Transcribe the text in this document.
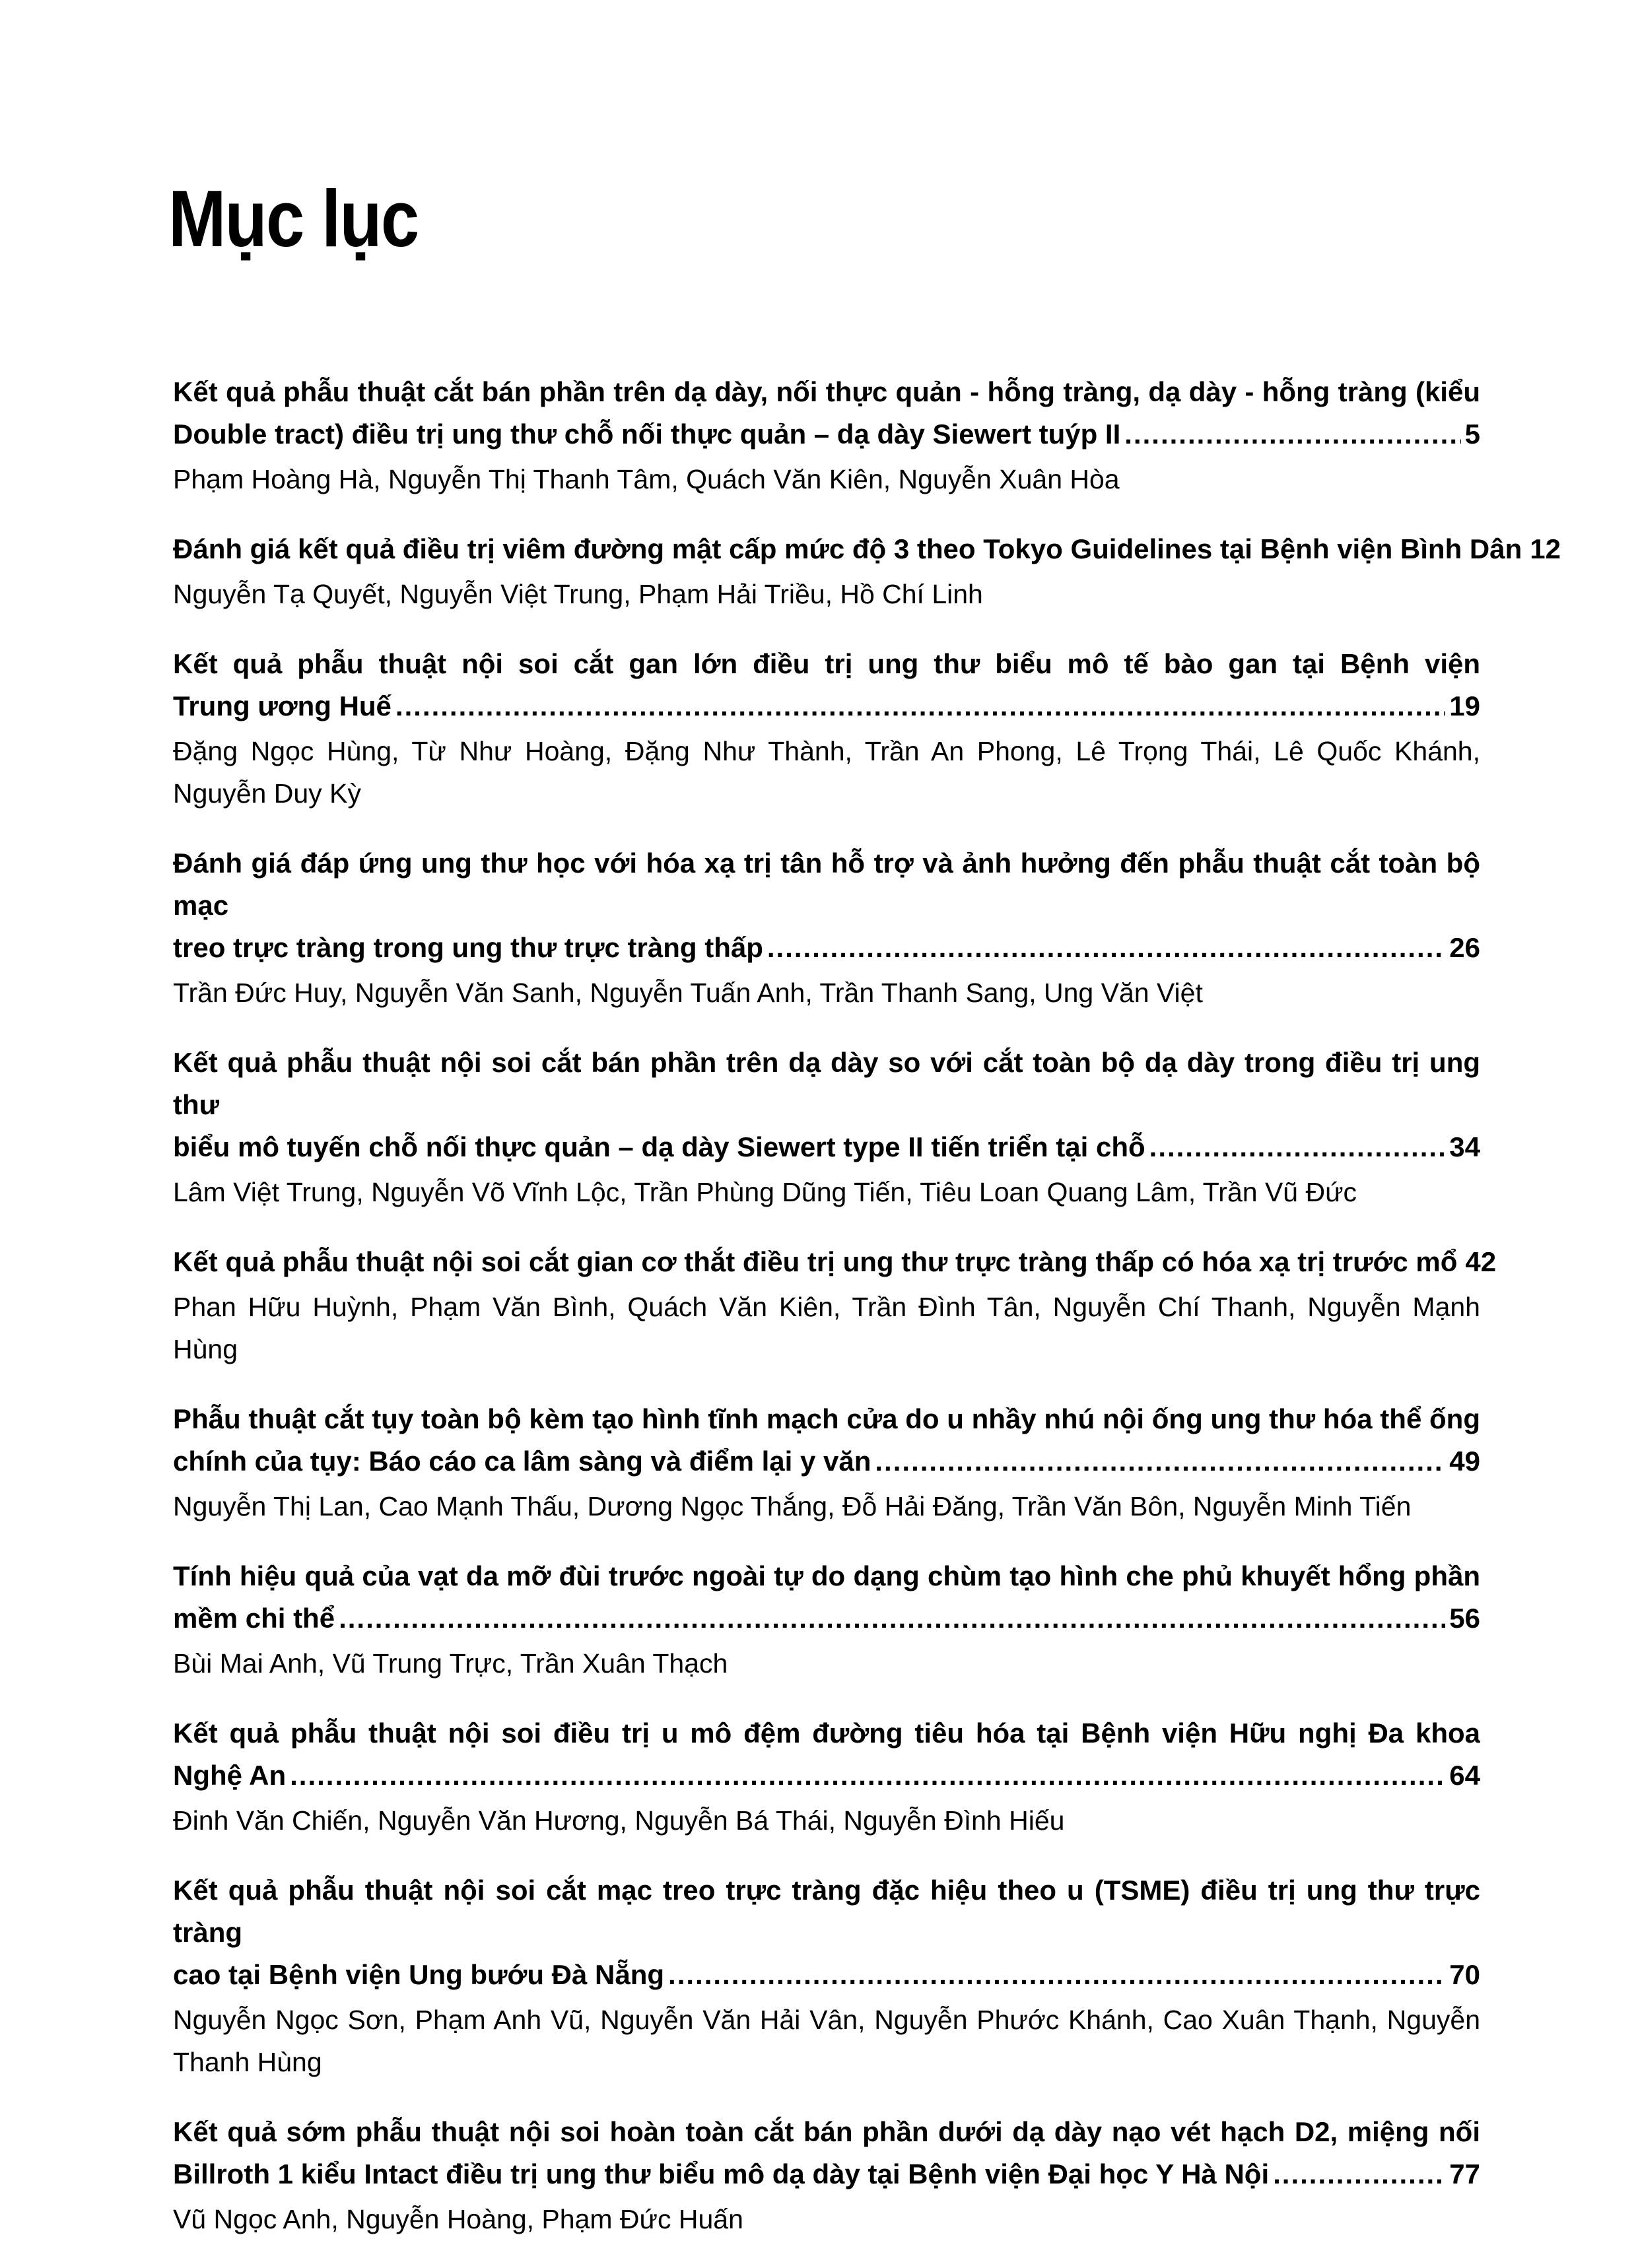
Mục lục
Kết quả phẫu thuật cắt bán phần trên dạ dày, nối thực quản - hỗng tràng, dạ dày - hỗng tràng (kiểu
Double tract) điều trị ung thư chỗ nối thực quản – dạ dày Siewert tuýp II .....	5
Phạm Hoàng Hà, Nguyễn Thị Thanh Tâm, Quách Văn Kiên, Nguyễn Xuân Hòa
Đánh giá kết quả điều trị viêm đường mật cấp mức độ 3 theo Tokyo Guidelines tại Bệnh viện Bình Dân 12
Nguyễn Tạ Quyết, Nguyễn Việt Trung, Phạm Hải Triều, Hồ Chí Linh
Kết quả phẫu thuật nội soi cắt gan lớn điều trị ung thư biểu mô tế bào gan tại Bệnh viện
Trung ương Huế .....	19
Đặng Ngọc Hùng, Từ Như Hoàng, Đặng Như Thành, Trần An Phong, Lê Trọng Thái, Lê Quốc Khánh, Nguyễn Duy Kỳ
Đánh giá đáp ứng ung thư học với hóa xạ trị tân hỗ trợ và ảnh hưởng đến phẫu thuật cắt toàn bộ mạc
treo trực tràng trong ung thư trực tràng thấp .....	26
Trần Đức Huy, Nguyễn Văn Sanh, Nguyễn Tuấn Anh, Trần Thanh Sang, Ung Văn Việt
Kết quả phẫu thuật nội soi cắt bán phần trên dạ dày so với cắt toàn bộ dạ dày trong điều trị ung thư
biểu mô tuyến chỗ nối thực quản – dạ dày Siewert type II tiến triển tại chỗ .....	34
Lâm Việt Trung, Nguyễn Võ Vĩnh Lộc, Trần Phùng Dũng Tiến, Tiêu Loan Quang Lâm, Trần Vũ Đức
Kết quả phẫu thuật nội soi cắt gian cơ thắt điều trị ung thư trực tràng thấp có hóa xạ trị trước mổ 42
Phan Hữu Huỳnh, Phạm Văn Bình, Quách Văn Kiên, Trần Đình Tân, Nguyễn Chí Thanh, Nguyễn Mạnh Hùng
Phẫu thuật cắt tụy toàn bộ kèm tạo hình tĩnh mạch cửa do u nhầy nhú nội ống ung thư hóa thể ống
chính của tụy: Báo cáo ca lâm sàng và điểm lại y văn .....	49
Nguyễn Thị Lan, Cao Mạnh Thấu, Dương Ngọc Thắng, Đỗ Hải Đăng, Trần Văn Bôn, Nguyễn Minh Tiến
Tính hiệu quả của vạt da mỡ đùi trước ngoài tự do dạng chùm tạo hình che phủ khuyết hổng phần
mềm chi thể .....	56
Bùi Mai Anh, Vũ Trung Trực, Trần Xuân Thạch
Kết quả phẫu thuật nội soi điều trị u mô đệm đường tiêu hóa tại Bệnh viện Hữu nghị Đa khoa
Nghệ An .....	64
Đinh Văn Chiến, Nguyễn Văn Hương, Nguyễn Bá Thái, Nguyễn Đình Hiếu
Kết quả phẫu thuật nội soi cắt mạc treo trực tràng đặc hiệu theo u (TSME) điều trị ung thư trực tràng
cao tại Bệnh viện Ung bướu Đà Nẵng .....	70
Nguyễn Ngọc Sơn, Phạm Anh Vũ, Nguyễn Văn Hải Vân, Nguyễn Phước Khánh, Cao Xuân Thạnh, Nguyễn Thanh Hùng
Kết quả sớm phẫu thuật nội soi hoàn toàn cắt bán phần dưới dạ dày nạo vét hạch D2, miệng nối
Billroth 1 kiểu Intact điều trị ung thư biểu mô dạ dày tại Bệnh viện Đại học Y Hà Nội .....	77
Vũ Ngọc Anh, Nguyễn Hoàng, Phạm Đức Huấn
